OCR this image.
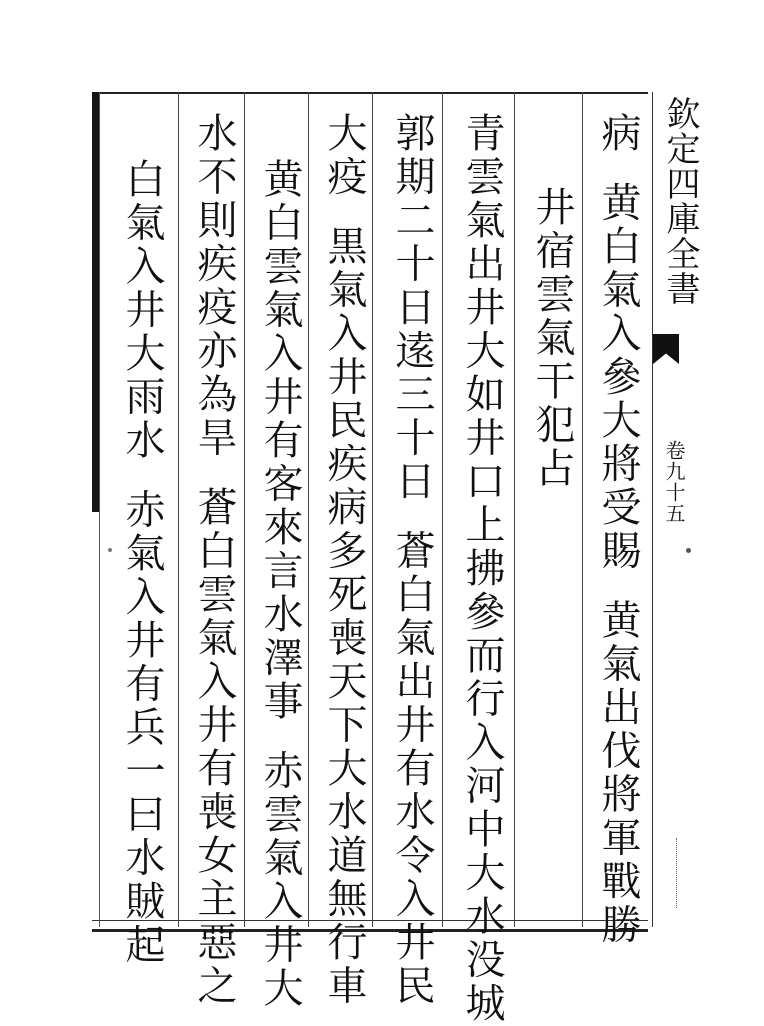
欽定四庫全書
卷九十五
病黄白氣入參大將受賜黄氣出伐將軍戰勝
井宿雲氣干犯占
青雲氣出井大如井口上拂參而行入河中大水没城
郭期二十日逺三十日蒼白氣出井有水令入井民
大疫黒氣入井民疾病多死喪天下大水道無行車
黄白雲氣入井有客來言水澤事赤雲氣入井大
水不則疾疫亦為旱蒼白雲氣入井有喪女主惡之
白氣入井大雨水赤氣入井有兵一曰水賊起
